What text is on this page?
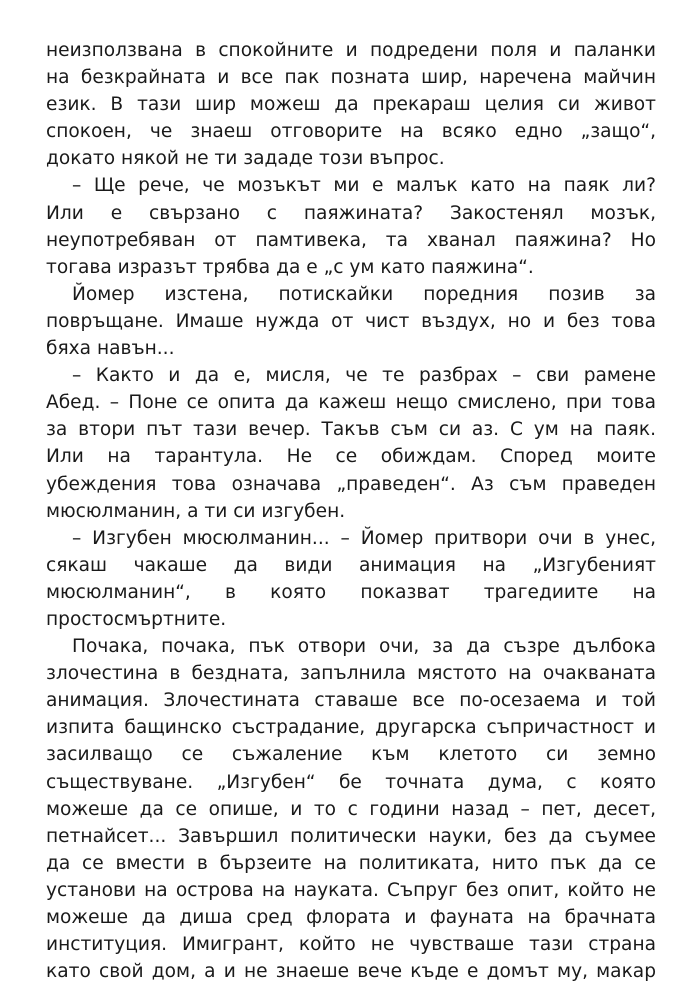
неизползвана в спокойните и подредени поля и паланки
на безкрайната и все пак позната шир, наречена майчин
език. В тази шир можеш да прекараш целия си живот
спокоен, че знаеш отговорите на всяко едно „защо“,
докато някой не ти зададе този въпрос.

– Ще рече, че мозъкът ми е малък като на паяк ли?
Или е свързано с паяжината? Закостенял мозък,
неупотребяван от памтивека, та хванал паяжина? Но
тогава изразът трябва да е „с ум като паяжина“.

Йомер изстена, потискайки поредния позив за
повръщане. Имаше нужда от чист въздух, но и без това
бяха навън...

– Както и да е, мисля, че те разбрах – сви рамене
Абед. – Поне се опита да кажеш нещо смислено, при това
за втори път тази вечер. Такъв съм си аз. С ум на паяк.
Или на тарантула. Не се обиждам. Според моите
убеждения това означава „праведен“. Аз съм праведен
мюсюлманин, а ти си изгубен.

– Изгубен мюсюлманин... – Йомер притвори очи в унес,
сякаш чакаше да види анимация на „Изгубеният
мюсюлманин“, в която показват трагедиите на
простосмъртните.

Почака, почака, пък отвори очи, за да съзре дълбока
злочестина в бездната, запълнила мястото на очакваната
анимация. Злочестината ставаше все по-осезаема и той
изпита бащинско състрадание, другарска съпричастност и
засилващо се съжаление към клетото си земно
съществуване. „Изгубен“ бе точната дума, с която
можеше да се опише, и то с години назад – пет, десет,
петнайсет... Завършил политически науки, без да съумее
да се вмести в бързеите на политиката, нито пък да се
установи на острова на науката. Съпруг без опит, който не
можеше да диша сред флората и фауната на брачната
институция. Имигрант, който не чувстваше тази страна
като свой дом, а и не знаеше вече къде е домът му, макар
